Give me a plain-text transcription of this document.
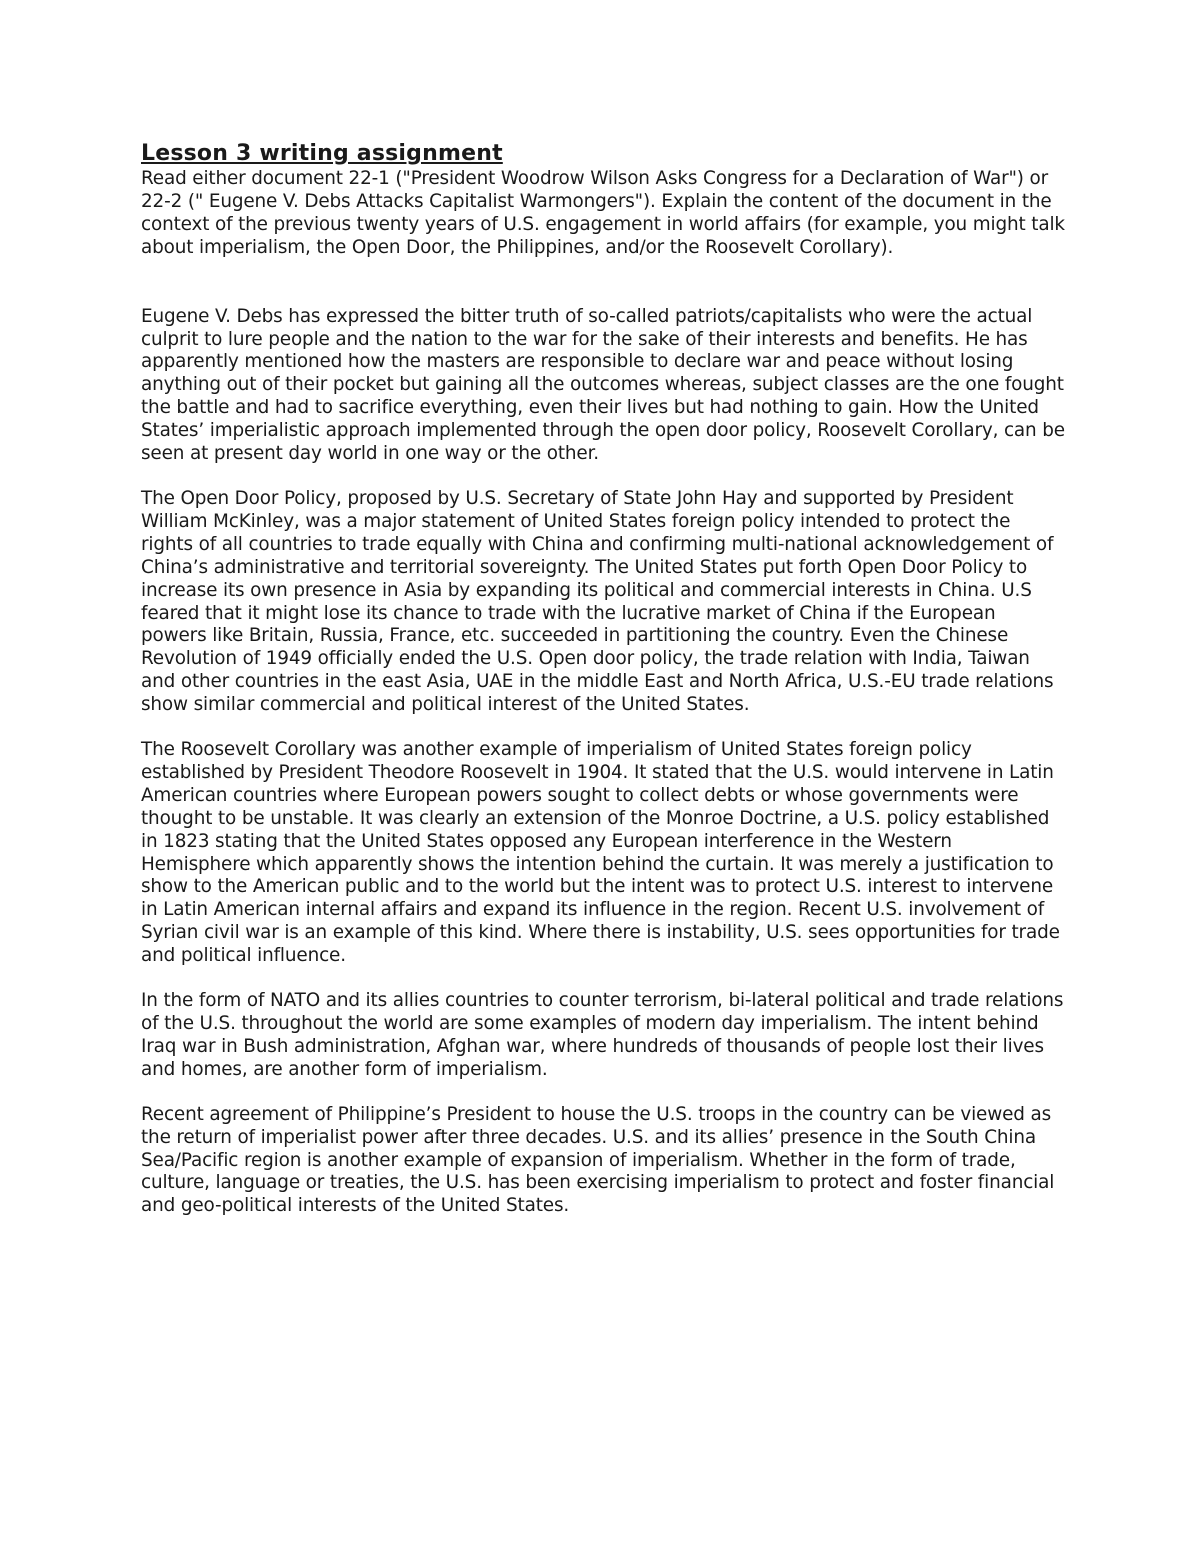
Lesson 3 writing assignment

Read either document 22-1 ("President Woodrow Wilson Asks Congress for a Declaration of War") or 22-2 (" Eugene V. Debs Attacks Capitalist Warmongers"). Explain the content of the document in the context of the previous twenty years of U.S. engagement in world affairs (for example, you might talk about imperialism, the Open Door, the Philippines, and/or the Roosevelt Corollary).

Eugene V. Debs has expressed the bitter truth of so-called patriots/capitalists who were the actual culprit to lure people and the nation to the war for the sake of their interests and benefits. He has apparently mentioned how the masters are responsible to declare war and peace without losing anything out of their pocket but gaining all the outcomes whereas, subject classes are the one fought the battle and had to sacrifice everything, even their lives but had nothing to gain. How the United States’ imperialistic approach implemented through the open door policy, Roosevelt Corollary, can be seen at present day world in one way or the other.

The Open Door Policy, proposed by U.S. Secretary of State John Hay and supported by President William McKinley, was a major statement of United States foreign policy intended to protect the rights of all countries to trade equally with China and confirming multi-national acknowledgement of China’s administrative and territorial sovereignty. The United States put forth Open Door Policy to increase its own presence in Asia by expanding its political and commercial interests in China. U.S feared that it might lose its chance to trade with the lucrative market of China if the European powers like Britain, Russia, France, etc. succeeded in partitioning the country. Even the Chinese Revolution of 1949 officially ended the U.S. Open door policy, the trade relation with India, Taiwan and other countries in the east Asia, UAE in the middle East and North Africa, U.S.-EU trade relations show similar commercial and political interest of the United States.

The Roosevelt Corollary was another example of imperialism of United States foreign policy established by President Theodore Roosevelt in 1904. It stated that the U.S. would intervene in Latin American countries where European powers sought to collect debts or whose governments were thought to be unstable. It was clearly an extension of the Monroe Doctrine, a U.S. policy established in 1823 stating that the United States opposed any European interference in the Western Hemisphere which apparently shows the intention behind the curtain. It was merely a justification to show to the American public and to the world but the intent was to protect U.S. interest to intervene in Latin American internal affairs and expand its influence in the region. Recent U.S. involvement of Syrian civil war is an example of this kind. Where there is instability, U.S. sees opportunities for trade and political influence.

In the form of NATO and its allies countries to counter terrorism, bi-lateral political and trade relations of the U.S. throughout the world are some examples of modern day imperialism. The intent behind Iraq war in Bush administration, Afghan war, where hundreds of thousands of people lost their lives and homes, are another form of imperialism.

Recent agreement of Philippine’s President to house the U.S. troops in the country can be viewed as the return of imperialist power after three decades. U.S. and its allies’ presence in the South China Sea/Pacific region is another example of expansion of imperialism. Whether in the form of trade, culture, language or treaties, the U.S. has been exercising imperialism to protect and foster financial and geo-political interests of the United States.
